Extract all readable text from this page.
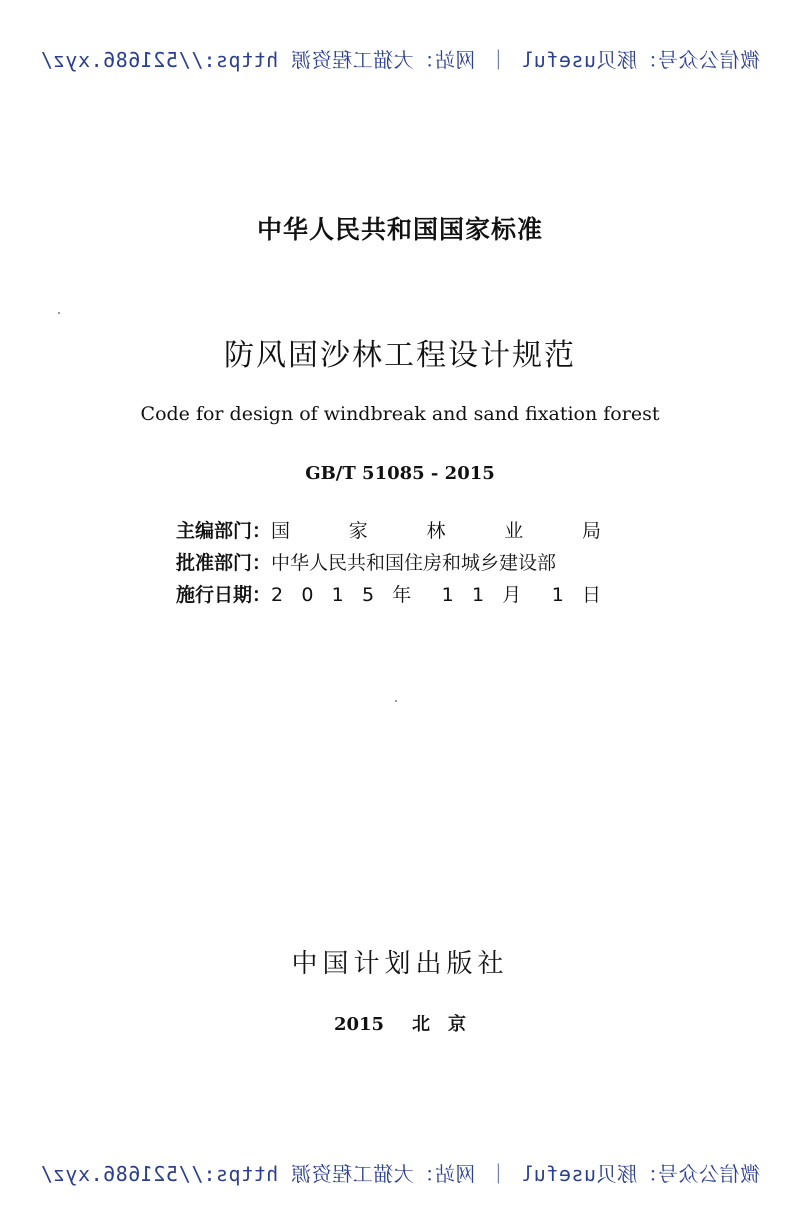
微信公众号：豚贝useful ｜ 网站：大猫工程资源 https://521686.xyz/
中华人民共和国国家标准
防风固沙林工程设计规范
Code for design of windbreak and sand fixation forest
GB/T 51085 - 2015
主编部门：国 家 林 业 局
批准部门：中华人民共和国住房和城乡建设部
施行日期：2 0 1 5 年 1 1 月 1 日
中国计划出版社
2015 北　京
微信公众号：豚贝useful ｜ 网站：大猫工程资源 https://521686.xyz/
